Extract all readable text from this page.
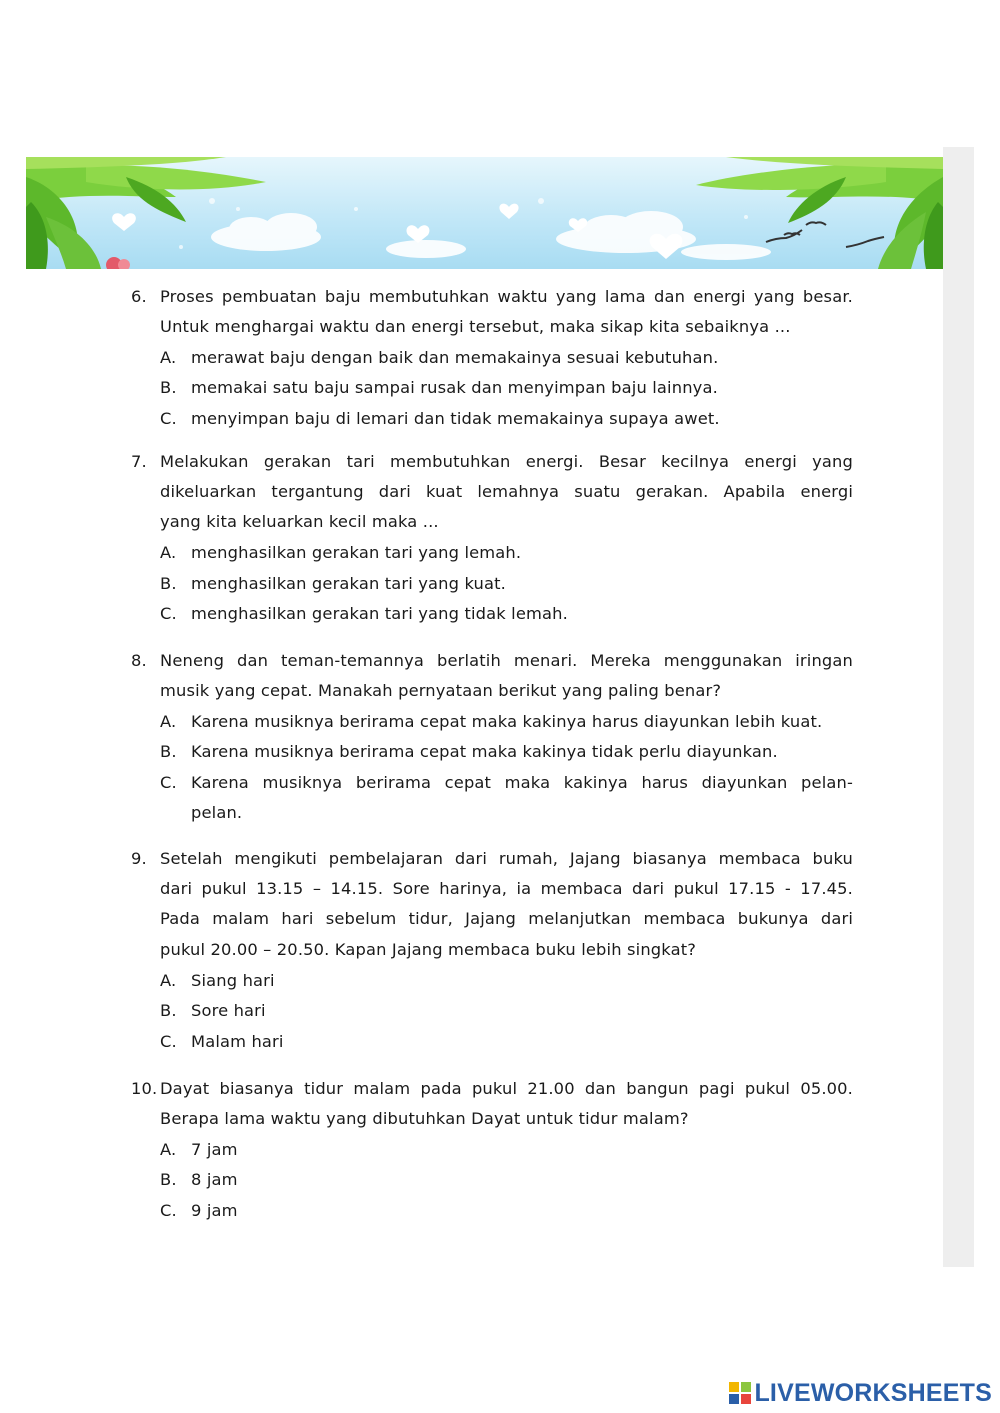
6. Proses pembuatan baju membutuhkan waktu yang lama dan energi yang besar.
Untuk menghargai waktu dan energi tersebut, maka sikap kita sebaiknya ...
A. merawat baju dengan baik dan memakainya sesuai kebutuhan.
B. memakai satu baju sampai rusak dan menyimpan baju lainnya.
C. menyimpan baju di lemari dan tidak memakainya supaya awet.
7. Melakukan gerakan tari membutuhkan energi. Besar kecilnya energi yang
dikeluarkan tergantung dari kuat lemahnya suatu gerakan. Apabila energi
yang kita keluarkan kecil maka ...
A. menghasilkan gerakan tari yang lemah.
B. menghasilkan gerakan tari yang kuat.
C. menghasilkan gerakan tari yang tidak lemah.
8. Neneng dan teman-temannya berlatih menari. Mereka menggunakan iringan
musik yang cepat. Manakah pernyataan berikut yang paling benar?
A. Karena musiknya berirama cepat maka kakinya harus diayunkan lebih kuat.
B. Karena musiknya berirama cepat maka kakinya tidak perlu diayunkan.
C. Karena musiknya berirama cepat maka kakinya harus diayunkan pelan-
pelan.
9. Setelah mengikuti pembelajaran dari rumah, Jajang biasanya membaca buku
dari pukul 13.15 – 14.15. Sore harinya, ia membaca dari pukul 17.15 - 17.45.
Pada malam hari sebelum tidur, Jajang melanjutkan membaca bukunya dari
pukul 20.00 – 20.50. Kapan Jajang membaca buku lebih singkat?
A. Siang hari
B. Sore hari
C. Malam hari
10. Dayat biasanya tidur malam pada pukul 21.00 dan bangun pagi pukul 05.00.
Berapa lama waktu yang dibutuhkan Dayat untuk tidur malam?
A. 7 jam
B. 8 jam
C. 9 jam
LIVEWORKSHEETS
